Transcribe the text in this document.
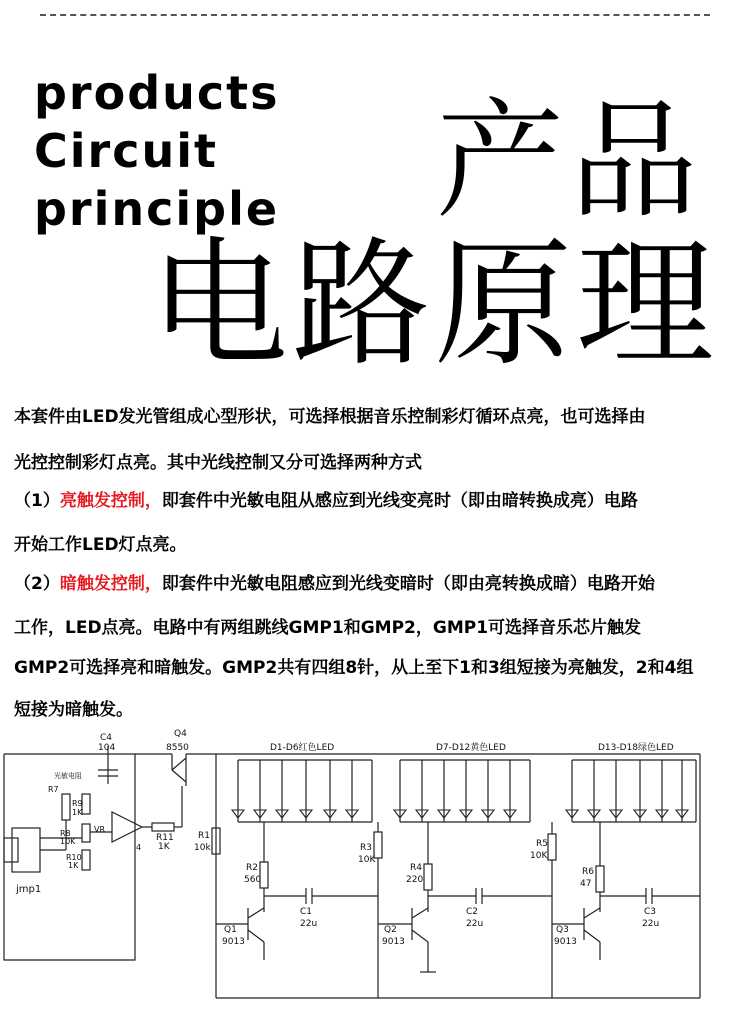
products
Circuit
principle 产品
电路原理
本套件由LED发光管组成心型形状，可选择根据音乐控制彩灯循环点亮，也可选择由
光控控制彩灯点亮。其中光线控制又分可选择两种方式
（1）亮触发控制，即套件中光敏电阻从感应到光线变亮时（即由暗转换成亮）电路
开始工作LED灯点亮。
（2）暗触发控制，即套件中光敏电阻感应到光线变暗时（即由亮转换成暗）电路开始
工作，LED点亮。电路中有两组跳线GMP1和GMP2，GMP1可选择音乐芯片触发
GMP2可选择亮和暗触发。GMP2共有四组8针，从上至下1和3组短接为亮触发，2和4组
短接为暗触发。
C4
104
Q4
8550
光敏电阻
R7
R9
1K
R8
10K
VR
R10
1K
R11
1K
4
jmp1
D1-D6红色LED	D7-D12黄色LED	D13-D18绿色LED
R1
10k
R2
560
C1
22u
Q1
9013
R3
10K
R4
220
C2
22u
Q2
9013
R5
10K
R6
47
C3
22u
Q3
9013
